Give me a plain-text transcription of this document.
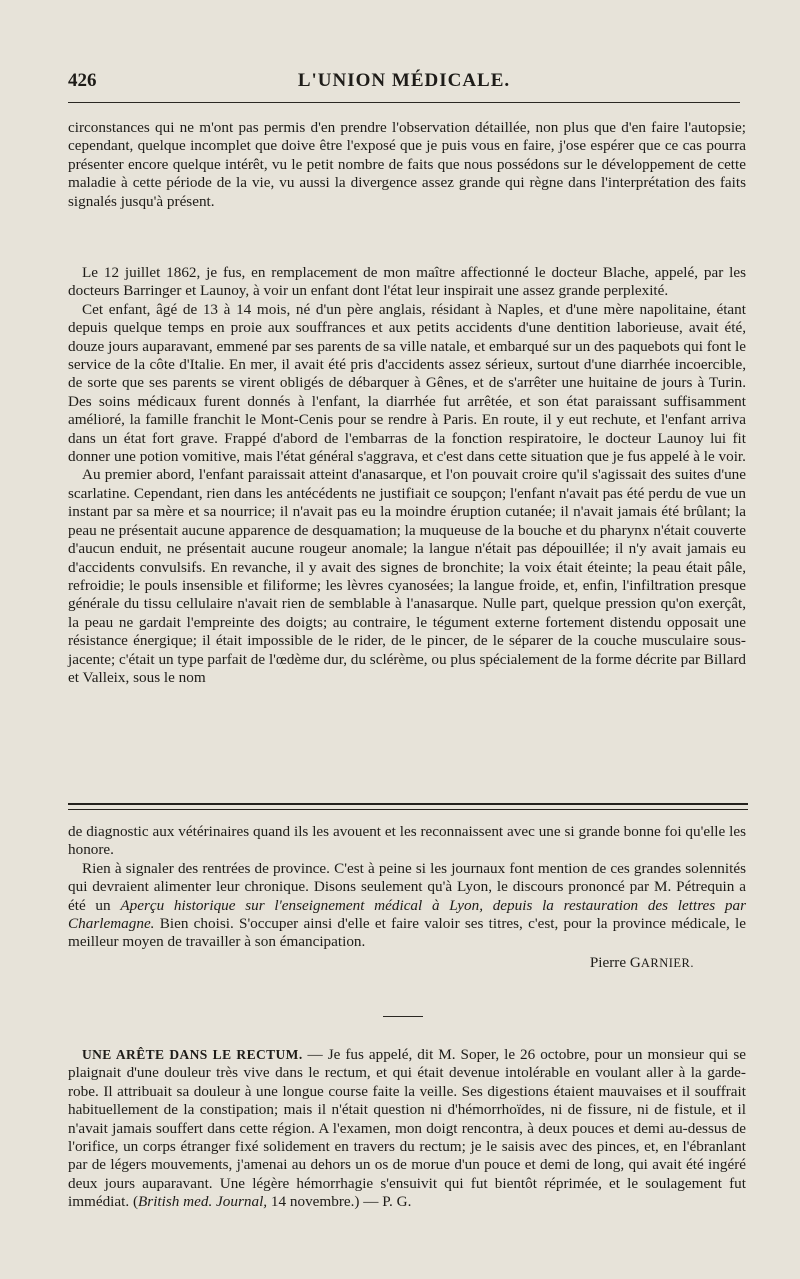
426	L'UNION MÉDICALE.

circonstances qui ne m'ont pas permis d'en prendre l'observation détaillée, non plus que d'en faire l'autopsie; cependant, quelque incomplet que doive être l'exposé que je puis vous en faire, j'ose espérer que ce cas pourra présenter encore quelque intérêt, vu le petit nombre de faits que nous possédons sur le développement de cette maladie à cette période de la vie, vu aussi la divergence assez grande qui règne dans l'interprétation des faits signalés jusqu'à présent.

Le 12 juillet 1862, je fus, en remplacement de mon maître affectionné le docteur Blache, appelé, par les docteurs Barringer et Launoy, à voir un enfant dont l'état leur inspirait une assez grande perplexité.

Cet enfant, âgé de 13 à 14 mois, né d'un père anglais, résidant à Naples, et d'une mère napolitaine, étant depuis quelque temps en proie aux souffrances et aux petits accidents d'une dentition laborieuse, avait été, douze jours auparavant, emmené par ses parents de sa ville natale, et embarqué sur un des paquebots qui font le service de la côte d'Italie. En mer, il avait été pris d'accidents assez sérieux, surtout d'une diarrhée incoercible, de sorte que ses parents se virent obligés de débarquer à Gênes, et de s'arrêter une huitaine de jours à Turin. Des soins médicaux furent donnés à l'enfant, la diarrhée fut arrêtée, et son état paraissant suffisamment amélioré, la famille franchit le Mont-Cenis pour se rendre à Paris. En route, il y eut rechute, et l'enfant arriva dans un état fort grave. Frappé d'abord de l'embarras de la fonction respiratoire, le docteur Launoy lui fit donner une potion vomitive, mais l'état général s'aggrava, et c'est dans cette situation que je fus appelé à le voir.

Au premier abord, l'enfant paraissait atteint d'anasarque, et l'on pouvait croire qu'il s'agissait des suites d'une scarlatine. Cependant, rien dans les antécédents ne justifiait ce soupçon; l'enfant n'avait pas été perdu de vue un instant par sa mère et sa nourrice; il n'avait pas eu la moindre éruption cutanée; il n'avait jamais été brûlant; la peau ne présentait aucune apparence de desquamation; la muqueuse de la bouche et du pharynx n'était couverte d'aucun enduit, ne présentait aucune rougeur anomale; la langue n'était pas dépouillée; il n'y avait jamais eu d'accidents convulsifs. En revanche, il y avait des signes de bronchite; la voix était éteinte; la peau était pâle, refroidie; le pouls insensible et filiforme; les lèvres cyanosées; la langue froide, et, enfin, l'infiltration presque générale du tissu cellulaire n'avait rien de semblable à l'anasarque. Nulle part, quelque pression qu'on exerçât, la peau ne gardait l'empreinte des doigts; au contraire, le tégument externe fortement distendu opposait une résistance énergique; il était impossible de le rider, de le pincer, de le séparer de la couche musculaire sous-jacente; c'était un type parfait de l'œdème dur, du sclérème, ou plus spécialement de la forme décrite par Billard et Valleix, sous le nom

de diagnostic aux vétérinaires quand ils les avouent et les reconnaissent avec une si grande bonne foi qu'elle les honore.

Rien à signaler des rentrées de province. C'est à peine si les journaux font mention de ces grandes solennités qui devraient alimenter leur chronique. Disons seulement qu'à Lyon, le discours prononcé par M. Pétrequin a été un Aperçu historique sur l'enseignement médical à Lyon, depuis la restauration des lettres par Charlemagne. Bien choisi. S'occuper ainsi d'elle et faire valoir ses titres, c'est, pour la province médicale, le meilleur moyen de travailler à son émancipation.

Pierre GARNIER.

UNE ARÊTE DANS LE RECTUM. — Je fus appelé, dit M. Soper, le 26 octobre, pour un monsieur qui se plaignait d'une douleur très vive dans le rectum, et qui était devenue intolérable en voulant aller à la garde-robe. Il attribuait sa douleur à une longue course faite la veille. Ses digestions étaient mauvaises et il souffrait habituellement de la constipation; mais il n'était question ni d'hémorrhoïdes, ni de fissure, ni de fistule, et il n'avait jamais souffert dans cette région. A l'examen, mon doigt rencontra, à deux pouces et demi au-dessus de l'orifice, un corps étranger fixé solidement en travers du rectum; je le saisis avec des pinces, et, en l'ébranlant par de légers mouvements, j'amenai au dehors un os de morue d'un pouce et demi de long, qui avait été ingéré deux jours auparavant. Une légère hémorrhagie s'ensuivit qui fut bientôt réprimée, et le soulagement fut immédiat. (British med. Journal, 14 novembre.) — P. G.
